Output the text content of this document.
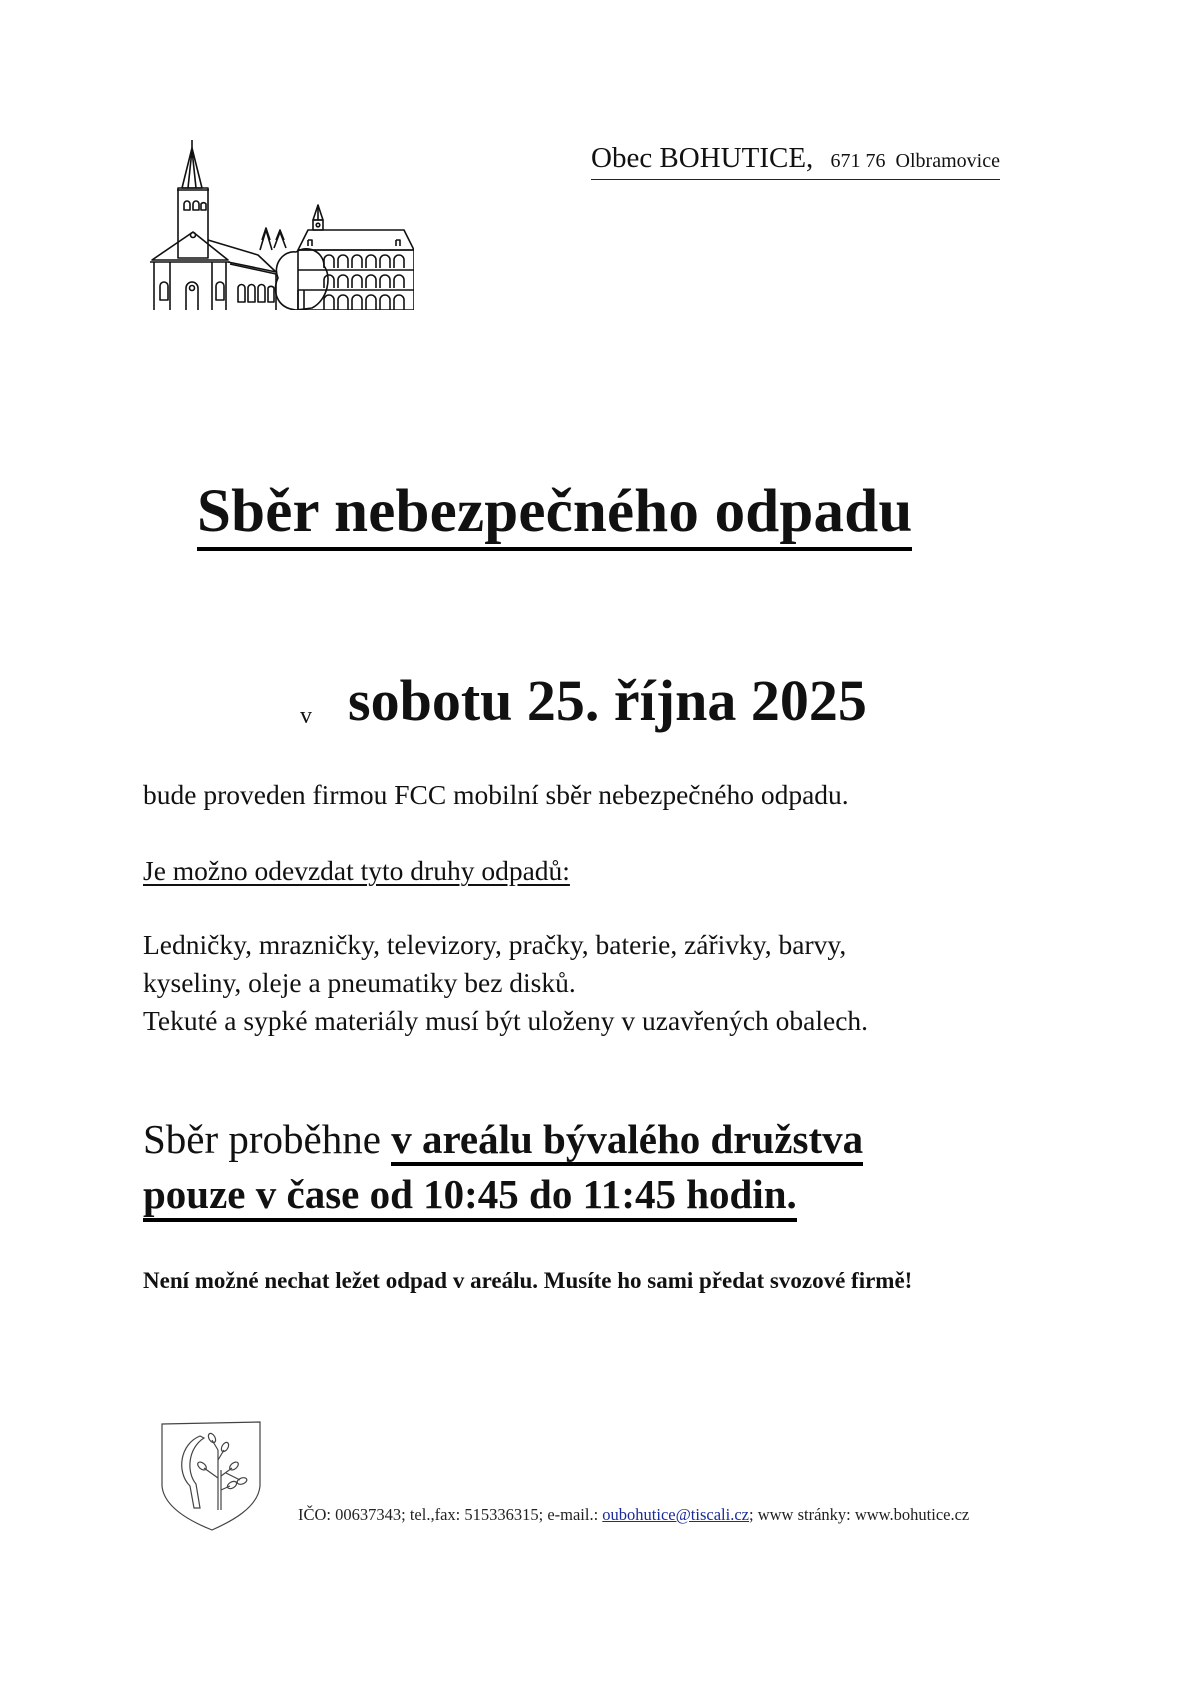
Obec BOHUTICE, 671 76 Olbramovice
Sběr nebezpečného odpadu
v sobotu 25. října 2025
bude proveden firmou FCC mobilní sběr nebezpečného odpadu.
Je možno odevzdat tyto druhy odpadů:
Ledničky, mrazničky, televizory, pračky, baterie, zářivky, barvy,
kyseliny, oleje a pneumatiky bez disků.
Tekuté a sypké materiály musí být uloženy v uzavřených obalech.
Sběr proběhne v areálu bývalého družstva
pouze v čase od 10:45 do 11:45 hodin.
Není možné nechat ležet odpad v areálu. Musíte ho sami předat svozové firmě!
IČO: 00637343; tel.,fax: 515336315; e-mail.: oubohutice@tiscali.cz; www stránky: www.bohutice.cz
